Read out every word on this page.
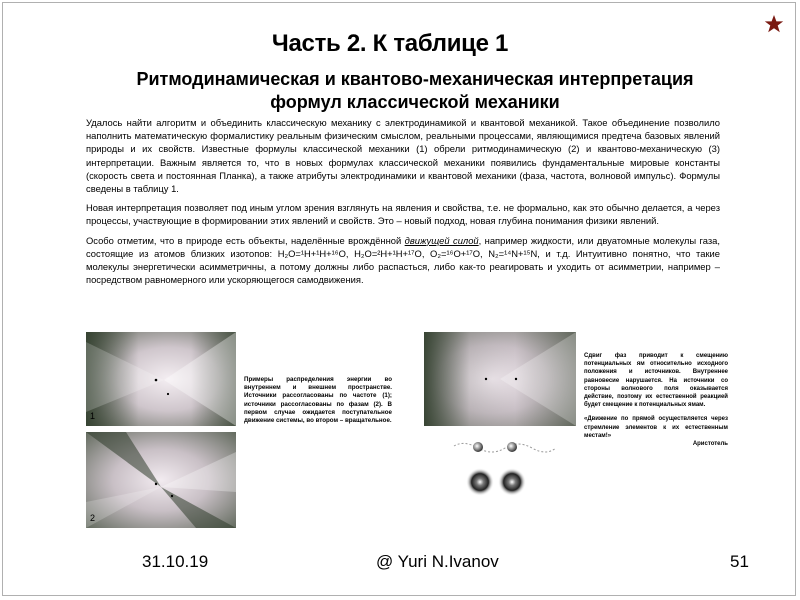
Часть 2. К таблице 1
Ритмодинамическая и квантово-механическая интерпретация
формул классической механики

Удалось найти алгоритм и объединить классическую механику с электродинамикой и квантовой механикой. Такое объединение позволило наполнить математическую формалистику реальным физическим смыслом, реальными процессами, являющимися предтеча базовых явлений природы и их свойств. Известные формулы классической механики (1) обрели ритмодинамическую (2) и квантово-механическую (3) интерпретации. Важным является то, что в новых формулах классической механики появились фундаментальные мировые константы (скорость света и постоянная Планка), а также атрибуты электродинамики и квантовой механики (фаза, частота, волновой импульс). Формулы сведены в таблицу 1.

Новая интерпретация позволяет под иным углом зрения взглянуть на явления и свойства, т.е. не формально, как это обычно делается, а через процессы, участвующие в формировании этих явлений и свойств. Это – новый подход, новая глубина понимания физики явлений.

Особо отметим, что в природе есть объекты, наделённые врождённой движущей силой, например жидкости, или двуатомные молекулы газа, состоящие из атомов близких изотопов: H₂O=¹H+¹H+¹⁶O, H₂O=²H+¹H+¹⁷O, O₂=¹⁶O+¹⁷O, N₂=¹⁴N+¹⁵N, и т.д. Интуитивно понятно, что такие молекулы энергетически асимметричны, а потому должны либо распасться, либо как-то реагировать и уходить от асимметрии, например – посредством равномерного или ускоряющегося самодвижения.

1
2
Примеры распределения энергии во внутреннем и внешнем пространстве. Источники рассогласованы по частоте (1); источники рассогласованы по фазам (2). В первом случае ожидается поступательное движение системы, во втором – вращательное.
Сдвиг фаз приводит к смещению потенциальных ям относительно исходного положения и источников. Внутреннее равновесие нарушается. На источники со стороны волнового поля оказывается действие, поэтому их естественной реакцией будет смещение к потенциальных ямам.
«Движение по прямой осуществляется через стремление элементов к их естественным местам!»
Аристотель
31.10.19	@ Yuri N.Ivanov	51
